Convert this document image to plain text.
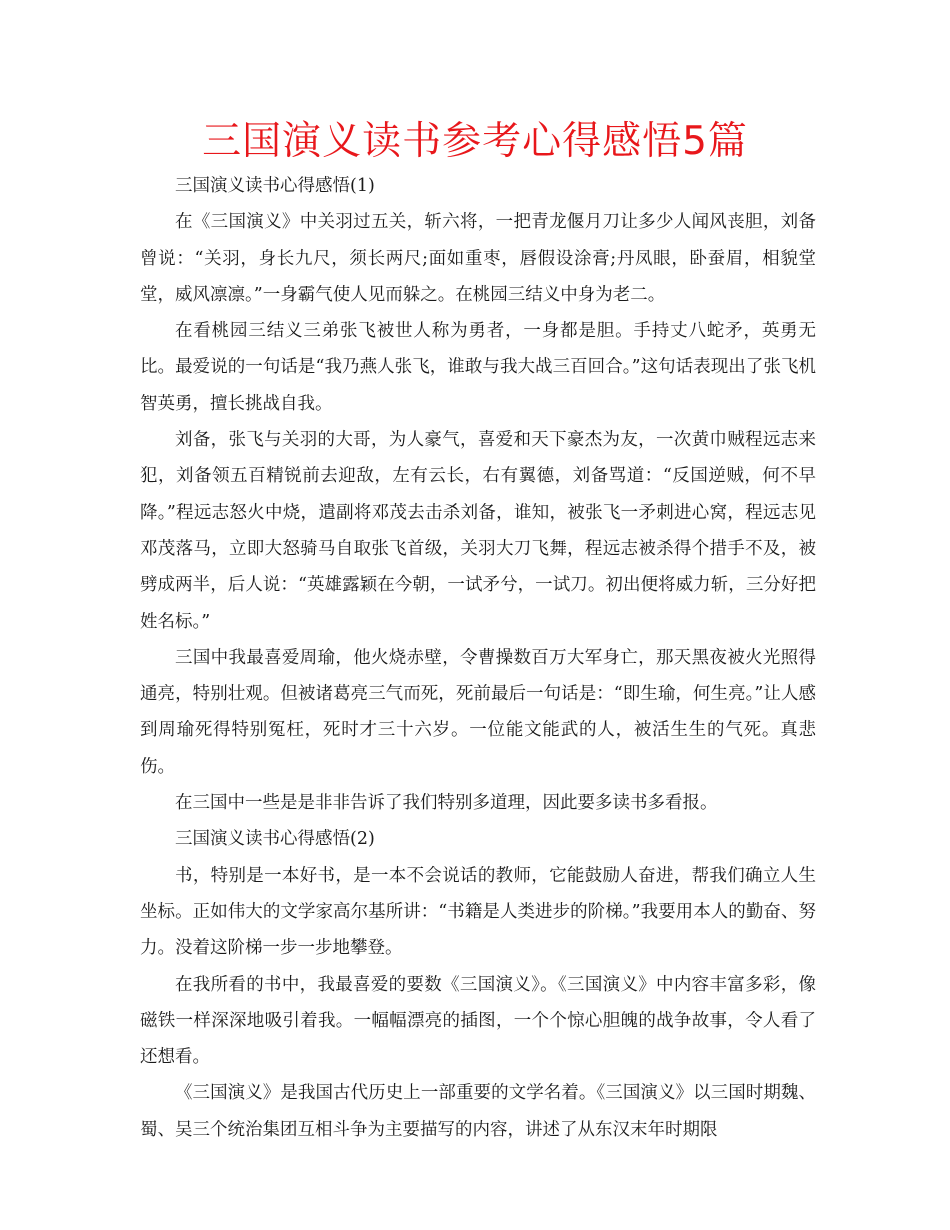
三国演义读书参考心得感悟5篇

三国演义读书心得感悟(1)

在《三国演义》中关羽过五关，斩六将，一把青龙偃月刀让多少人闻风丧胆，刘备曾说：“关羽，身长九尺，须长两尺;面如重枣，唇假设涂膏;丹凤眼，卧蚕眉，相貌堂堂，威风凛凛。”一身霸气使人见而躲之。在桃园三结义中身为老二。

在看桃园三结义三弟张飞被世人称为勇者，一身都是胆。手持丈八蛇矛，英勇无比。最爱说的一句话是“我乃燕人张飞，谁敢与我大战三百回合。”这句话表现出了张飞机智英勇，擅长挑战自我。

刘备，张飞与关羽的大哥，为人豪气，喜爱和天下豪杰为友，一次黄巾贼程远志来犯，刘备领五百精锐前去迎敌，左有云长，右有翼德，刘备骂道：“反国逆贼，何不早降。”程远志怒火中烧，遣副将邓茂去击杀刘备，谁知，被张飞一矛刺进心窝，程远志见邓茂落马，立即大怒骑马自取张飞首级，关羽大刀飞舞，程远志被杀得个措手不及，被劈成两半，后人说：“英雄露颖在今朝，一试矛兮，一试刀。初出便将威力斩，三分好把姓名标。”

三国中我最喜爱周瑜，他火烧赤壁，令曹操数百万大军身亡，那天黑夜被火光照得通亮，特别壮观。但被诸葛亮三气而死，死前最后一句话是：“即生瑜，何生亮。”让人感到周瑜死得特别冤枉，死时才三十六岁。一位能文能武的人，被活生生的气死。真悲伤。

在三国中一些是是非非告诉了我们特别多道理，因此要多读书多看报。

三国演义读书心得感悟(2)

书，特别是一本好书，是一本不会说话的教师，它能鼓励人奋进，帮我们确立人生坐标。正如伟大的文学家高尔基所讲：“书籍是人类进步的阶梯。”我要用本人的勤奋、努力。没着这阶梯一步一步地攀登。

在我所看的书中，我最喜爱的要数《三国演义》。《三国演义》中内容丰富多彩，像磁铁一样深深地吸引着我。一幅幅漂亮的插图，一个个惊心胆魄的战争故事，令人看了还想看。

《三国演义》是我国古代历史上一部重要的文学名着。《三国演义》以三国时期魏、蜀、吴三个统治集团互相斗争为主要描写的内容，讲述了从东汉末年时期限
